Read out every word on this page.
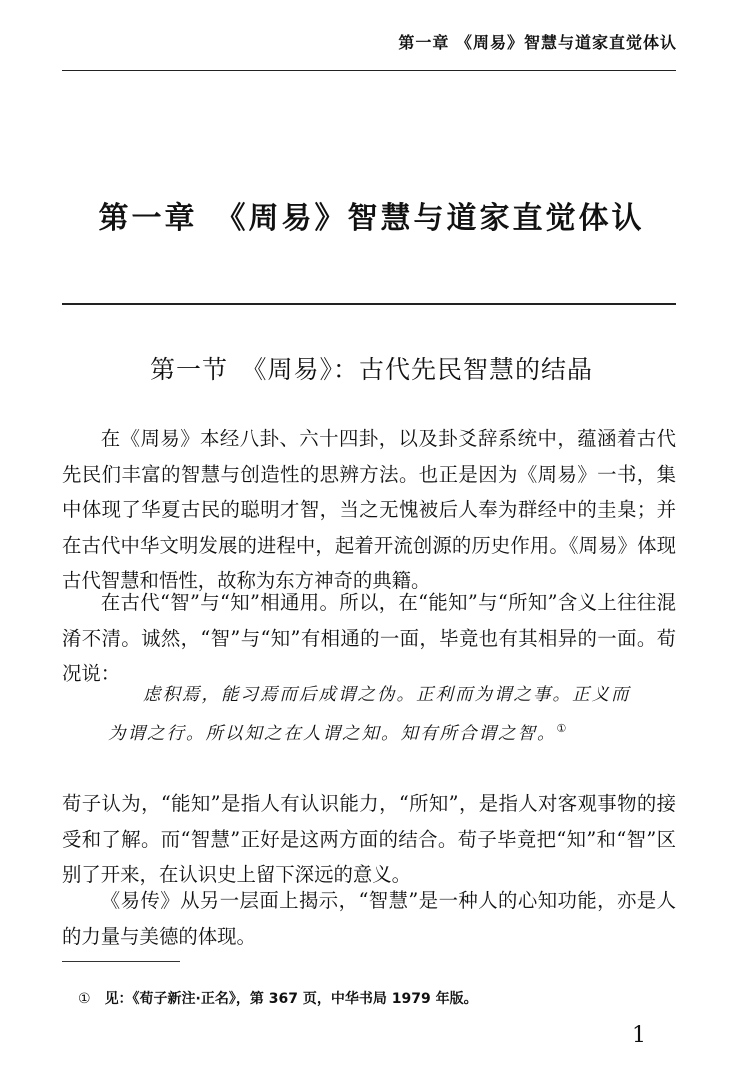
第一章 《周易》智慧与道家直觉体认
第一章　《周易》智慧与道家直觉体认
第一节　《周易》：古代先民智慧的结晶

在《周易》本经八卦、六十四卦，以及卦爻辞系统中，蕴涵着古代先民们丰富的智慧与创造性的思辨方法。也正是因为《周易》一书，集中体现了华夏古民的聪明才智，当之无愧被后人奉为群经中的圭臬；并在古代中华文明发展的进程中，起着开流创源的历史作用。《周易》体现古代智慧和悟性，故称为东方神奇的典籍。

在古代“智”与“知”相通用。所以，在“能知”与“所知”含义上往往混淆不清。诚然，“智”与“知”有相通的一面，毕竟也有其相异的一面。荀况说：

虑积焉，能习焉而后成谓之伪。正利而为谓之事。正义而为谓之行。所以知之在人谓之知。知有所合谓之智。①

荀子认为，“能知”是指人有认识能力，“所知”，是指人对客观事物的接受和了解。而“智慧”正好是这两方面的结合。荀子毕竟把“知”和“智”区别了开来，在认识史上留下深远的意义。

《易传》从另一层面上揭示，“智慧”是一种人的心知功能，亦是人的力量与美德的体现。

① 见：《荀子新注·正名》，第 367 页，中华书局 1979 年版。
1
